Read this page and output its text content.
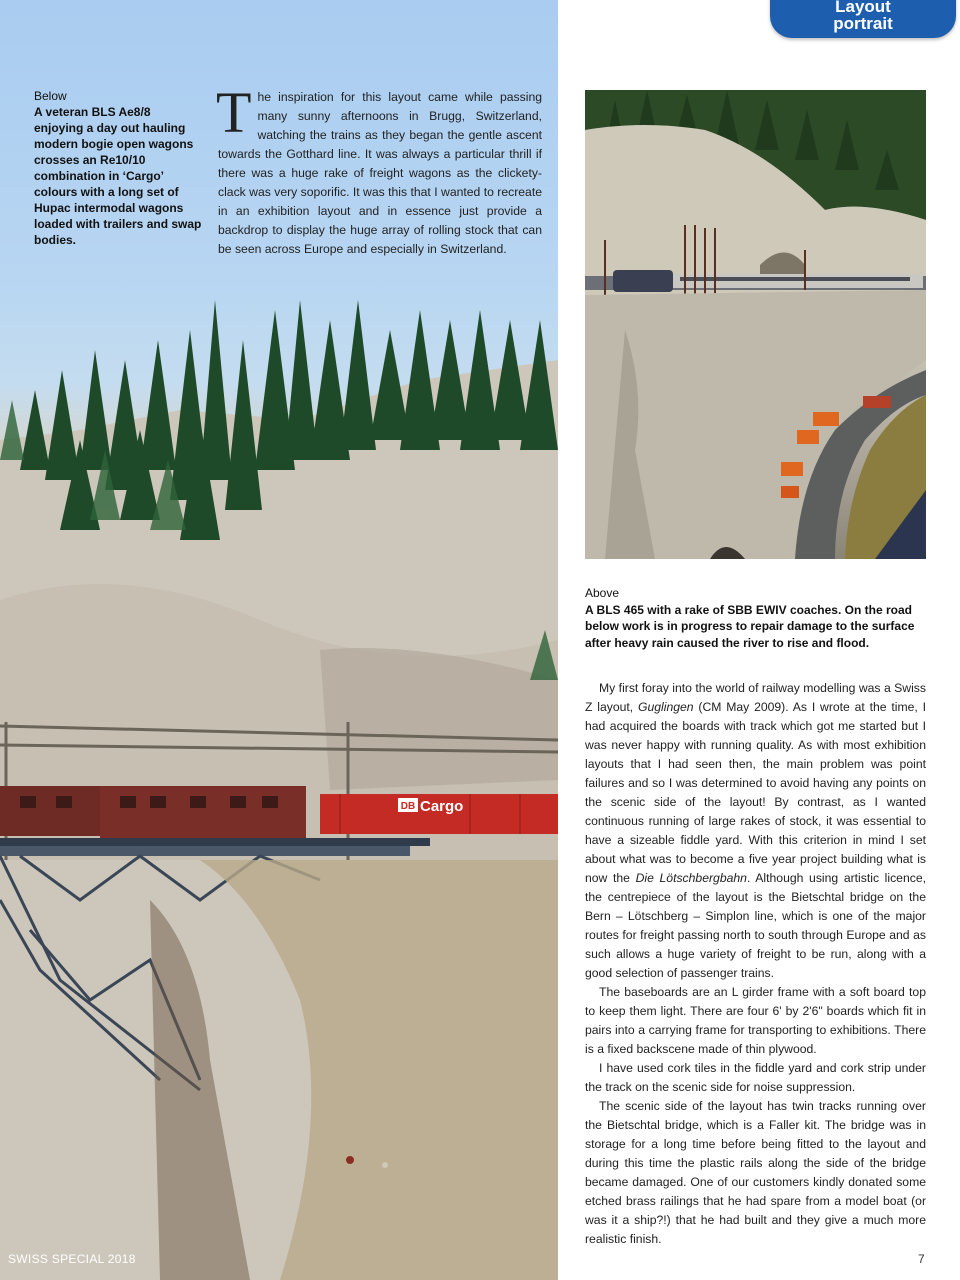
DB Cargo
Layout
portrait
Below
A veteran BLS Ae8/8 enjoying a day out hauling modern bogie open wagons crosses an Re10/10 combination in ‘Cargo’ colours with a long set of Hupac intermodal wagons loaded with trailers and swap bodies.
The inspiration for this layout came while passing many sunny afternoons in Brugg, Switzerland, watching the trains as they began the gentle ascent towards the Gotthard line. It was always a particular thrill if there was a huge rake of freight wagons as the clickety-clack was very soporific. It was this that I wanted to recreate in an exhibition layout and in essence just provide a backdrop to display the huge array of rolling stock that can be seen across Europe and especially in Switzerland.
Above
A BLS 465 with a rake of SBB EWIV coaches. On the road below work is in progress to repair damage to the surface after heavy rain caused the river to rise and flood.

My first foray into the world of railway modelling was a Swiss Z layout, Guglingen (CM May 2009). As I wrote at the time, I had acquired the boards with track which got me started but I was never happy with running quality. As with most exhibition layouts that I had seen then, the main problem was point failures and so I was determined to avoid having any points on the scenic side of the layout! By contrast, as I wanted continuous running of large rakes of stock, it was essential to have a sizeable fiddle yard. With this criterion in mind I set about what was to become a five year project building what is now the Die Lötschbergbahn. Although using artistic licence, the centrepiece of the layout is the Bietschtal bridge on the Bern – Lötschberg – Simplon line, which is one of the major routes for freight passing north to south through Europe and as such allows a huge variety of freight to be run, along with a good selection of passenger trains.

The baseboards are an L girder frame with a soft board top to keep them light. There are four 6' by 2'6" boards which fit in pairs into a carrying frame for transporting to exhibitions. There is a fixed backscene made of thin plywood.

I have used cork tiles in the fiddle yard and cork strip under the track on the scenic side for noise suppression.

The scenic side of the layout has twin tracks running over the Bietschtal bridge, which is a Faller kit. The bridge was in storage for a long time before being fitted to the layout and during this time the plastic rails along the side of the bridge became damaged. One of our customers kindly donated some etched brass railings that he had spare from a model boat (or was it a ship?!) that he had built and they give a much more realistic finish.

SWISS SPECIAL 2018	7
